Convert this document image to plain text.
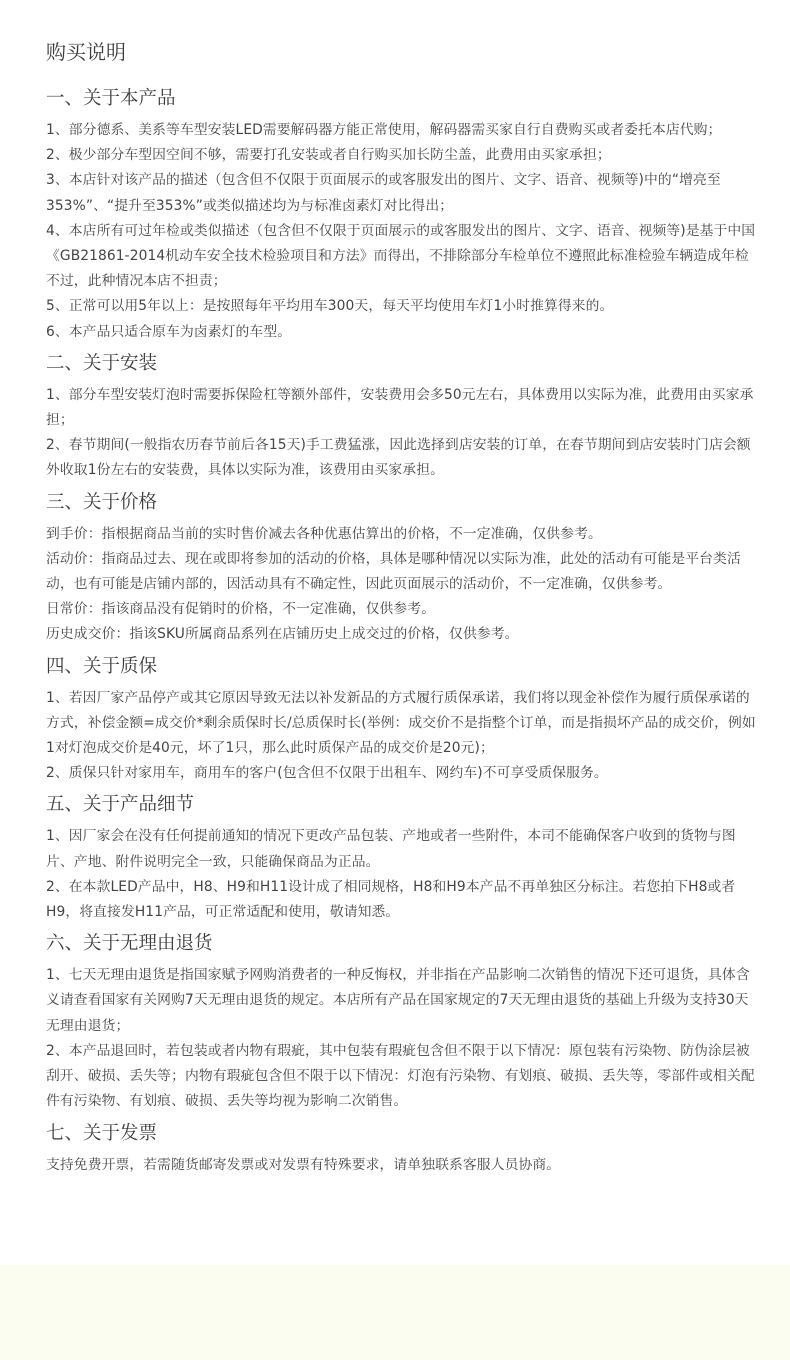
购买说明
一、关于本产品

1、部分德系、美系等车型安装LED需要解码器方能正常使用，解码器需买家自行自费购买或者委托本店代购；

2、极少部分车型因空间不够，需要打孔安装或者自行购买加长防尘盖，此费用由买家承担；

3、本店针对该产品的描述（包含但不仅限于页面展示的或客服发出的图片、文字、语音、视频等)中的“增亮至353%”、“提升至353%”或类似描述均为与标准卤素灯对比得出；

4、本店所有可过年检或类似描述（包含但不仅限于页面展示的或客服发出的图片、文字、语音、视频等)是基于中国《GB21861-2014机动车安全技术检验项目和方法》而得出，不排除部分车检单位不遵照此标准检验车辆造成年检不过，此种情况本店不担责；

5、正常可以用5年以上：是按照每年平均用车300天，每天平均使用车灯1小时推算得来的。

6、本产品只适合原车为卤素灯的车型。

二、关于安装

1、部分车型安装灯泡时需要拆保险杠等额外部件，安装费用会多50元左右，具体费用以实际为准，此费用由买家承担；

2、春节期间(一般指农历春节前后各15天)手工费猛涨，因此选择到店安装的订单，在春节期间到店安装时门店会额外收取1份左右的安装费，具体以实际为准，该费用由买家承担。

三、关于价格

到手价：指根据商品当前的实时售价减去各种优惠估算出的价格，不一定准确，仅供参考。

活动价：指商品过去、现在或即将参加的活动的价格，具体是哪种情况以实际为准，此处的活动有可能是平台类活动，也有可能是店铺内部的，因活动具有不确定性，因此页面展示的活动价，不一定准确，仅供参考。

日常价：指该商品没有促销时的价格，不一定准确，仅供参考。

历史成交价：指该SKU所属商品系列在店铺历史上成交过的价格，仅供参考。

四、关于质保

1、若因厂家产品停产或其它原因导致无法以补发新品的方式履行质保承诺，我们将以现金补偿作为履行质保承诺的方式，补偿金额=成交价*剩余质保时长/总质保时长(举例：成交价不是指整个订单，而是指损坏产品的成交价，例如1对灯泡成交价是40元，坏了1只，那么此时质保产品的成交价是20元)；

2、质保只针对家用车，商用车的客户(包含但不仅限于出租车、网约车)不可享受质保服务。

五、关于产品细节

1、因厂家会在没有任何提前通知的情况下更改产品包装、产地或者一些附件，本司不能确保客户收到的货物与图片、产地、附件说明完全一致，只能确保商品为正品。

2、在本款LED产品中，H8、H9和H11设计成了相同规格，H8和H9本产品不再单独区分标注。若您拍下H8或者H9，将直接发H11产品，可正常适配和使用，敬请知悉。

六、关于无理由退货

1、七天无理由退货是指国家赋予网购消费者的一种反悔权，并非指在产品影响二次销售的情况下还可退货，具体含义请查看国家有关网购7天无理由退货的规定。本店所有产品在国家规定的7天无理由退货的基础上升级为支持30天无理由退货；

2、本产品退回时，若包装或者内物有瑕疵，其中包装有瑕疵包含但不限于以下情况：原包装有污染物、防伪涂层被刮开、破损、丢失等；内物有瑕疵包含但不限于以下情况：灯泡有污染物、有划痕、破损、丢失等，零部件或相关配件有污染物、有划痕、破损、丢失等均视为影响二次销售。

七、关于发票

支持免费开票，若需随货邮寄发票或对发票有特殊要求，请单独联系客服人员协商。
